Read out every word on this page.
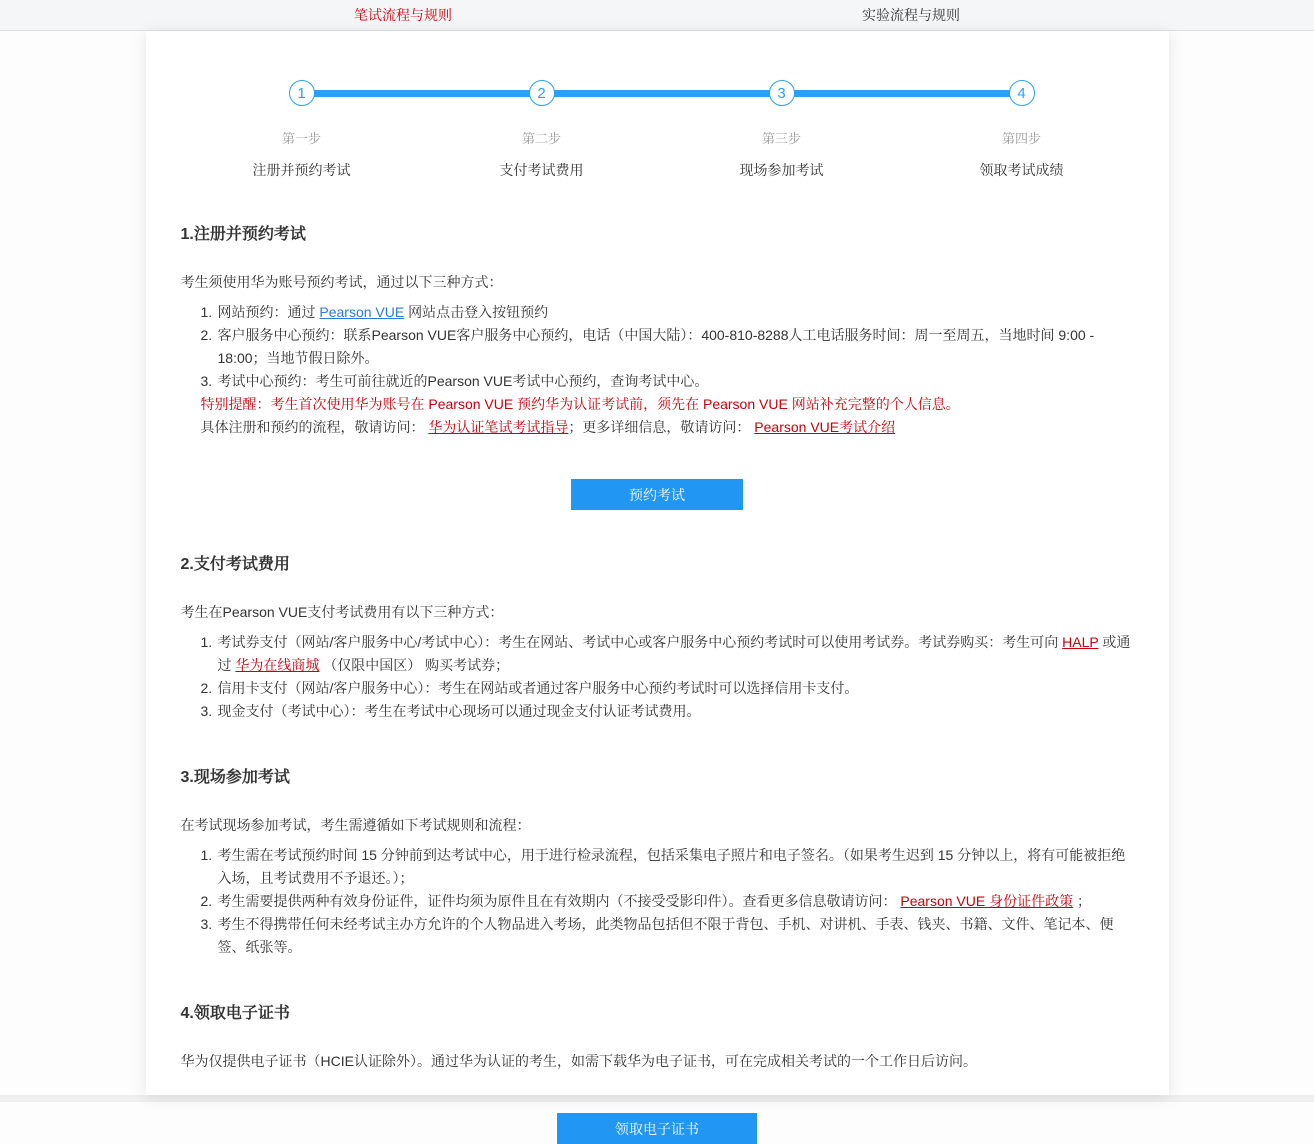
笔试流程与规则	实验流程与规则
1
第一步
注册并预约考试
2
第二步
支付考试费用
3
第三步
现场参加考试
4
第四步
领取考试成绩
1.注册并预约考试

考生须使用华为账号预约考试，通过以下三种方式：

网站预约：通过 Pearson VUE 网站点击登入按钮预约
客户服务中心预约：联系Pearson VUE客户服务中心预约，电话（中国大陆）：400-810-8288人工电话服务时间：周一至周五，当地时间 9:00 - 18:00；当地节假日除外。
考试中心预约：考生可前往就近的Pearson VUE考试中心预约，查询考试中心。

特别提醒：考生首次使用华为账号在 Pearson VUE 预约华为认证考试前，须先在 Pearson VUE 网站补充完整的个人信息。

具体注册和预约的流程，敬请访问： 华为认证笔试考试指导；更多详细信息，敬请访问： Pearson VUE考试介绍

预约考试
2.支付考试费用

考生在Pearson VUE支付考试费用有以下三种方式：

考试券支付（网站/客户服务中心/考试中心）：考生在网站、考试中心或客户服务中心预约考试时可以使用考试券。考试券购买：考生可向 HALP 或通过 华为在线商城 （仅限中国区） 购买考试券；
信用卡支付（网站/客户服务中心）：考生在网站或者通过客户服务中心预约考试时可以选择信用卡支付。
现金支付（考试中心）：考生在考试中心现场可以通过现金支付认证考试费用。
3.现场参加考试

在考试现场参加考试，考生需遵循如下考试规则和流程：

考生需在考试预约时间 15 分钟前到达考试中心，用于进行检录流程，包括采集电子照片和电子签名。（如果考生迟到 15 分钟以上，将有可能被拒绝入场，且考试费用不予退还。）；
考生需要提供两种有效身份证件，证件均须为原件且在有效期内（不接受受影印件）。查看更多信息敬请访问： Pearson VUE 身份证件政策 ；
考生不得携带任何未经考试主办方允许的个人物品进入考场，此类物品包括但不限于背包、手机、对讲机、手表、钱夹、书籍、文件、笔记本、便签、纸张等。
4.领取电子证书

华为仅提供电子证书（HCIE认证除外）。通过华为认证的考生，如需下载华为电子证书，可在完成相关考试的一个工作日后访问。

领取电子证书
